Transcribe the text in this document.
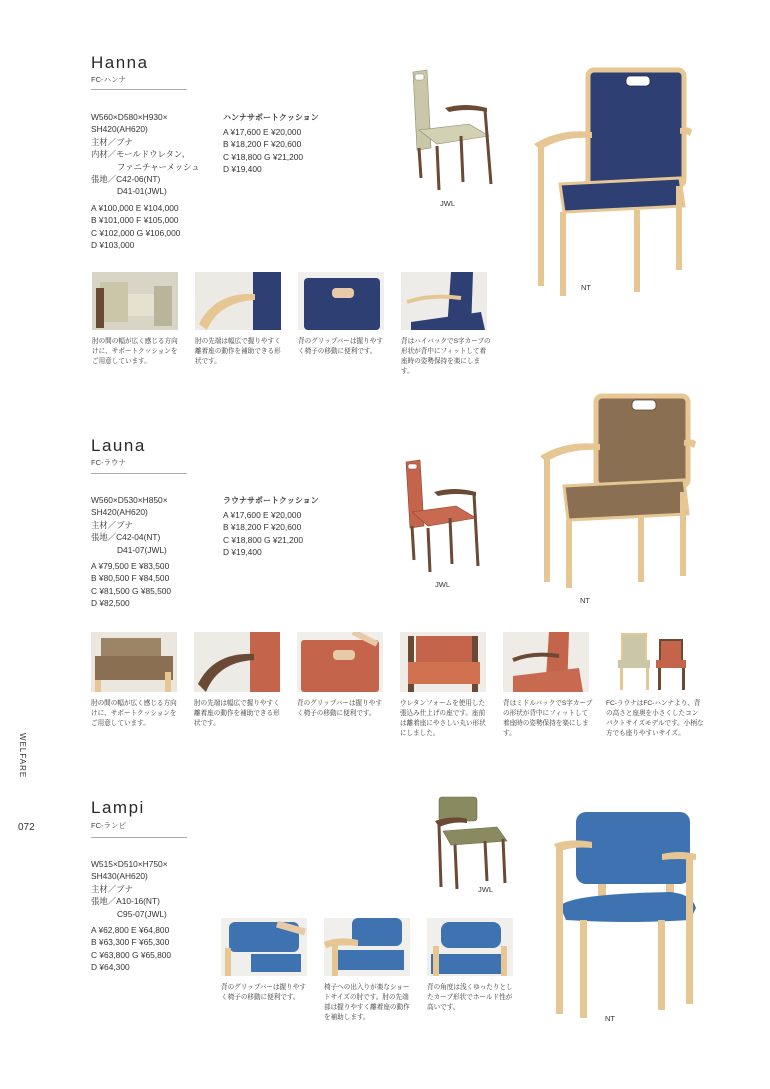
Hanna
FC-ハンナ
W560×D580×H930×
SH420(AH620)
主材／ブナ
内材／モールドウレタン、
ファニチャーメッシュ
張地／C42-06(NT)
D41-01(JWL)
A ¥100,000 E ¥104,000
B ¥101,000 F ¥105,000
C ¥102,000 G ¥106,000
D ¥103,000
ハンナサポートクッション
A ¥17,600 E ¥20,000
B ¥18,200 F ¥20,600
C ¥18,800 G ¥21,200
D ¥19,400
JWL
NT
肘の間の幅が広く感じる方向けに、サポートクッションをご用意しています。
肘の先端は幅広で握りやすく離着座の動作を補助できる形状です。
背のグリップバーは握りやすく椅子の移動に便利です。
背はハイバックでS字カーブの形状が背中にフィットして着座時の姿勢保持を楽にします。
Launa
FC-ラウナ
W560×D530×H850×
SH420(AH620)
主材／ブナ
張地／C42-04(NT)
D41-07(JWL)
A ¥79,500 E ¥83,500
B ¥80,500 F ¥84,500
C ¥81,500 G ¥85,500
D ¥82,500
ラウナサポートクッション
A ¥17,600 E ¥20,000
B ¥18,200 F ¥20,600
C ¥18,800 G ¥21,200
D ¥19,400
JWL
NT
肘の間の幅が広く感じる方向けに、サポートクッションをご用意しています。
肘の先端は幅広で握りやすく離着座の動作を補助できる形状です。
背のグリップバーは握りやすく椅子の移動に便利です。
ウレタンフォームを使用した張込み仕上げの座です。座前は離着座にやさしい丸い形状にしました。
背はミドルバックでS字カーブの形状が背中にフィットして着座時の姿勢保持を楽にします。
FC-ラウナはFC-ハンナより、背の高さと座奥を小さくしたコンパクトサイズモデルです。小柄な方でも座りやすいサイズ。
WELFARE
072
Lampi
FC-ランピ
W515×D510×H750×
SH430(AH620)
主材／ブナ
張地／A10-16(NT)
C95-07(JWL)
A ¥62,800 E ¥64,800
B ¥63,300 F ¥65,300
C ¥63,800 G ¥65,800
D ¥64,300
JWL
NT
背のグリップバーは握りやすく椅子の移動に便利です。
椅子への出入りが楽なショートサイズの肘です。肘の先端部は握りやすく離着座の動作を補助します。
背の角度は浅くゆったりとしたカーブ形状でホールド性が高いです。
